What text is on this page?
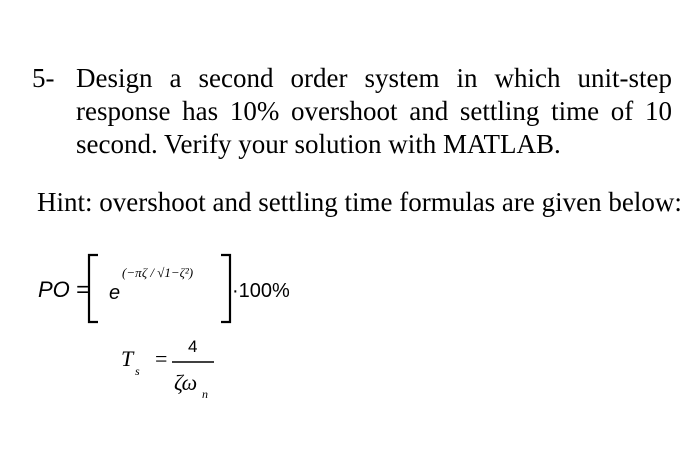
5- Design a second order system in which unit-step response has 10% overshoot and settling time of 10 second. Verify your solution with MATLAB.
Hint: overshoot and settling time formulas are given below:
PO = e
(−πζ / √1−ζ²)
·100%
T s = 4
ζω n
